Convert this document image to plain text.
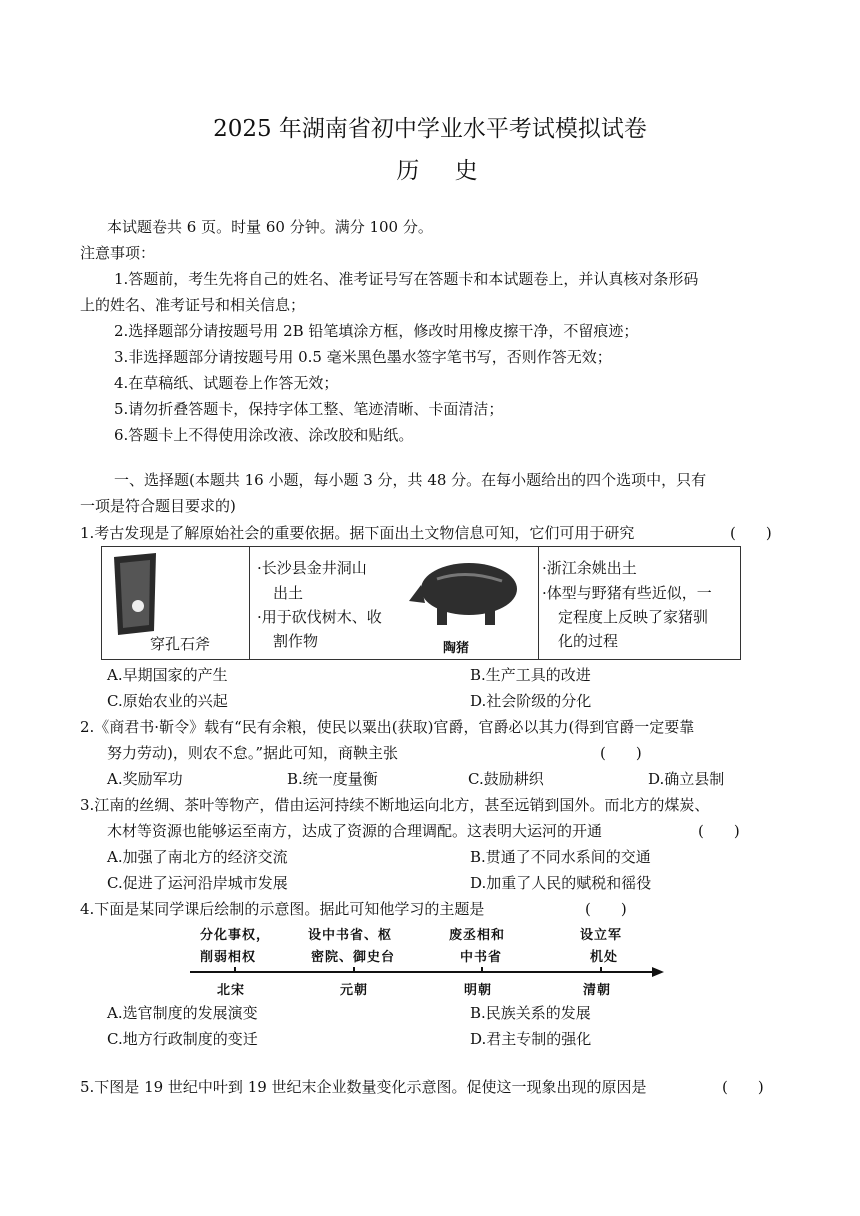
2025 年湖南省初中学业水平考试模拟试卷
历 史
本试题卷共 6 页。时量 60 分钟。满分 100 分。
注意事项：
1.答题前，考生先将自己的姓名、准考证号写在答题卡和本试题卷上，并认真核对条形码
上的姓名、准考证号和相关信息；
2.选择题部分请按题号用 2B 铅笔填涂方框，修改时用橡皮擦干净，不留痕迹；
3.非选择题部分请按题号用 0.5 毫米黑色墨水签字笔书写，否则作答无效；
4.在草稿纸、试题卷上作答无效；
5.请勿折叠答题卡，保持字体工整、笔迹清晰、卡面清洁；
6.答题卡上不得使用涂改液、涂改胶和贴纸。
一、选择题(本题共 16 小题，每小题 3 分，共 48 分。在每小题给出的四个选项中，只有
一项是符合题目要求的)
1.考古发现是了解原始社会的重要依据。据下面出土文物信息可知，它们可用于研究	(　　)
穿孔石斧
·长沙县金井洞山
出土
·用于砍伐树木、收
割作物	陶猪
·浙江余姚出土
·体型与野猪有些近似，一
定程度上反映了家猪驯
化的过程
A.早期国家的产生	B.生产工具的改进
C.原始农业的兴起	D.社会阶级的分化
2.《商君书·靳令》载有“民有余粮，使民以粟出(获取)官爵，官爵必以其力(得到官爵一定要靠
努力劳动)，则农不怠。”据此可知，商鞅主张	(　　)
A.奖励军功	B.统一度量衡	C.鼓励耕织	D.确立县制
3.江南的丝绸、茶叶等物产，借由运河持续不断地运向北方，甚至远销到国外。而北方的煤炭、
木材等资源也能够运至南方，达成了资源的合理调配。这表明大运河的开通	(　　)
A.加强了南北方的经济交流	B.贯通了不同水系间的交通
C.促进了运河沿岸城市发展	D.加重了人民的赋税和徭役
4.下面是某同学课后绘制的示意图。据此可知他学习的主题是	(　　)
分化事权，
削弱相权
北宋
设中书省、枢
密院、御史台
元朝
废丞相和
中书省
明朝
设立军
机处
清朝
A.选官制度的发展演变	B.民族关系的发展
C.地方行政制度的变迁	D.君主专制的强化
5.下图是 19 世纪中叶到 19 世纪末企业数量变化示意图。促使这一现象出现的原因是	(　　)
